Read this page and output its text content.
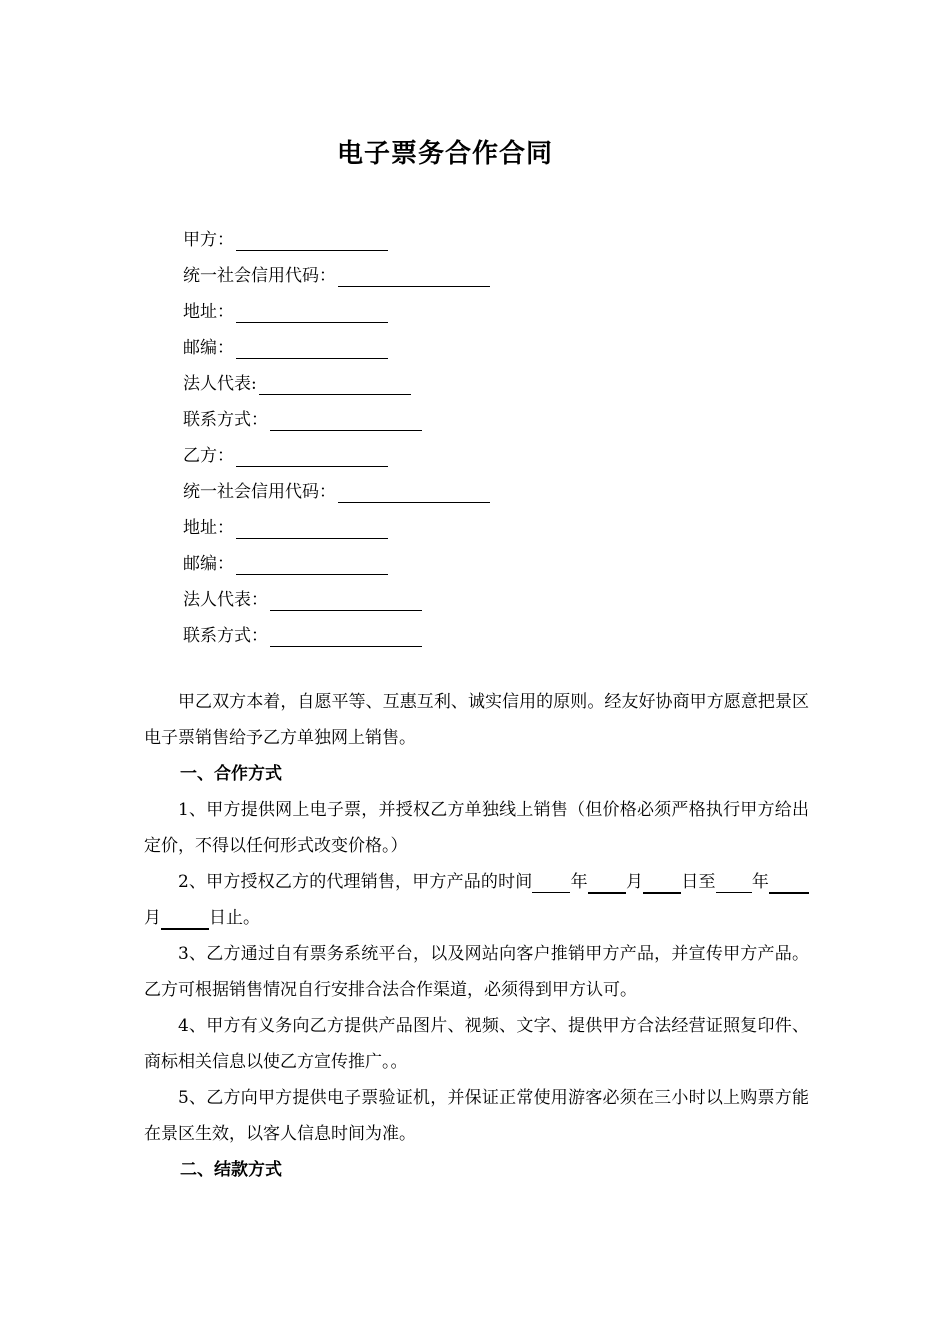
电子票务合作合同
甲方：
统一社会信用代码：
地址：
邮编：
法人代表:
联系方式：
乙方：
统一社会信用代码：
地址：
邮编：
法人代表：
联系方式：

甲乙双方本着，自愿平等、互惠互利、诚实信用的原则。经友好协商甲方愿意把景区电子票销售给予乙方单独网上销售。

一、合作方式

1、甲方提供网上电子票，并授权乙方单独线上销售（但价格必须严格执行甲方给出定价，不得以任何形式改变价格。）

2、甲方授权乙方的代理销售，甲方产品的时间 年 月 日至 年月	日止。

3、乙方通过自有票务系统平台，以及网站向客户推销甲方产品，并宣传甲方产品。乙方可根据销售情况自行安排合法合作渠道，必须得到甲方认可。

4、甲方有义务向乙方提供产品图片、视频、文字、提供甲方合法经营证照复印件、商标相关信息以使乙方宣传推广。。

5、乙方向甲方提供电子票验证机，并保证正常使用游客必须在三小时以上购票方能在景区生效，以客人信息时间为准。

二、结款方式
